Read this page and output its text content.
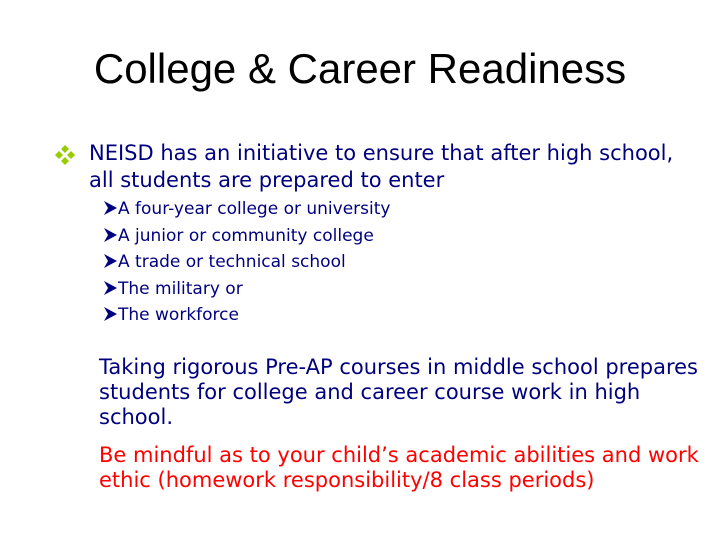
College & Career Readiness
NEISD has an initiative to ensure that after high school, all students are prepared to enter
A four-year college or university
A junior or community college
A trade or technical school
The military or
The workforce
Taking rigorous Pre-AP courses in middle school prepares students for college and career course work in high school.
Be mindful as to your child’s academic abilities and work ethic (homework responsibility/8 class periods)
